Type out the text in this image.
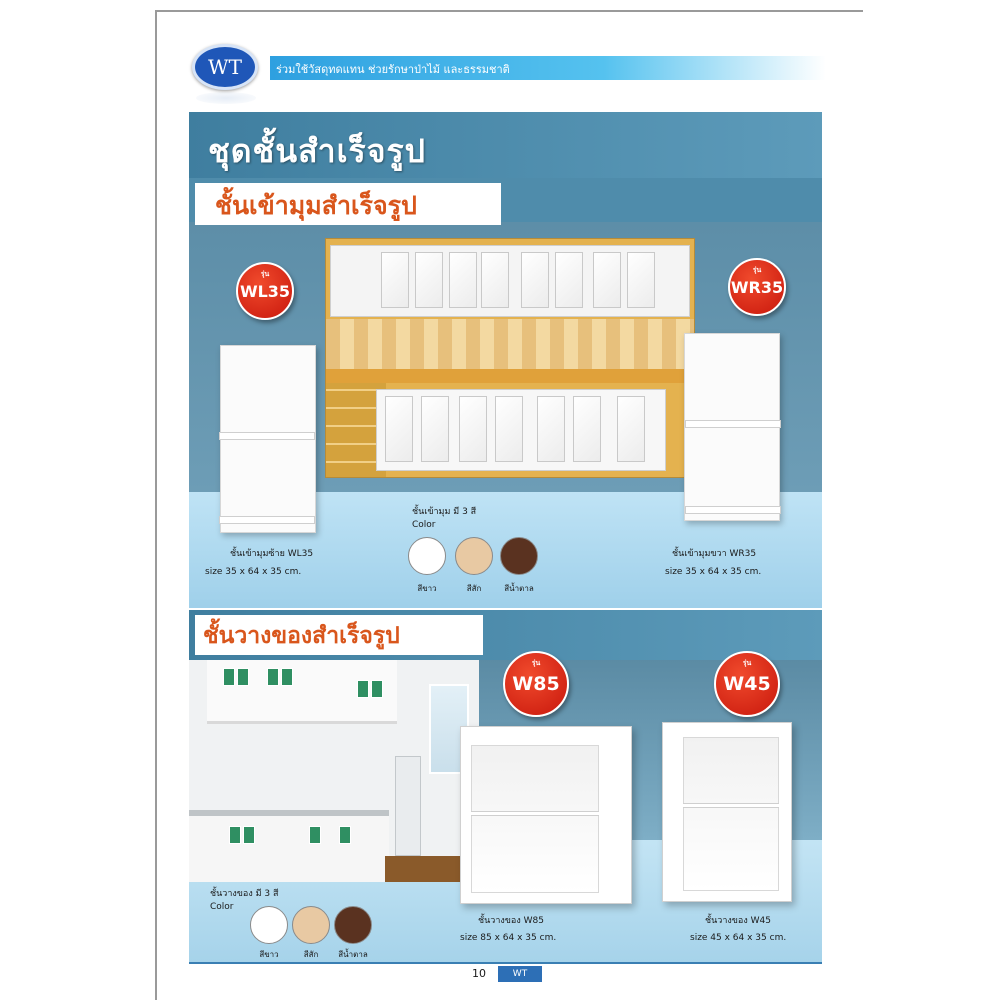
WT	ร่วมใช้วัสดุทดแทน ช่วยรักษาป่าไม้ และธรรมชาติ
ชุดชั้นสำเร็จรูป
ชั้นเข้ามุมสำเร็จรูป
รุ่น
WL35
รุ่น
WR35
ชั้นเข้ามุมซ้าย WL35
size 35 x 64 x 35 cm.
ชั้นเข้ามุมขวา WR35
size 35 x 64 x 35 cm.
ชั้นเข้ามุม มี 3 สี
Color
สีขาว	สีสัก	สีน้ำตาล
ชั้นวางของสำเร็จรูป
รุ่น
W85
รุ่น
W45
ชั้นวางของ W85
size 85 x 64 x 35 cm.
ชั้นวางของ W45
size 45 x 64 x 35 cm.
ชั้นวางของ มี 3 สี
Color
สีขาว	สีสัก	สีน้ำตาล
10	WT
